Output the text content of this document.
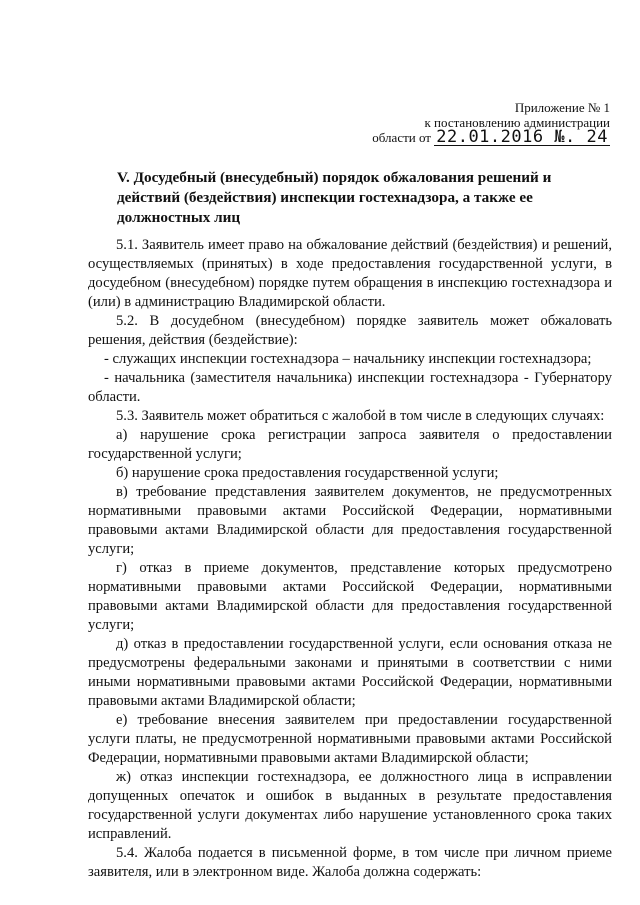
Приложение № 1
к постановлению администрации
области от 22.01.2016 №. 24
V. Досудебный (внесудебный) порядок обжалования решений и действий (бездействия) инспекции гостехнадзора, а также ее должностных лиц

5.1. Заявитель имеет право на обжалование действий (бездействия) и решений, осуществляемых (принятых) в ходе предоставления государственной услуги, в досудебном (внесудебном) порядке путем обращения в инспекцию гостехнадзора и (или) в администрацию Владимирской области.

5.2. В досудебном (внесудебном) порядке заявитель может обжаловать решения, действия (бездействие):

- служащих инспекции гостехнадзора – начальнику инспекции гостехнадзора;

- начальника (заместителя начальника) инспекции гостехнадзора - Губернатору области.

5.3. Заявитель может обратиться с жалобой в том числе в следующих случаях:

а) нарушение срока регистрации запроса заявителя о предоставлении государственной услуги;

б) нарушение срока предоставления государственной услуги;

в) требование представления заявителем документов, не предусмотренных нормативными правовыми актами Российской Федерации, нормативными правовыми актами Владимирской области для предоставления государственной услуги;

г) отказ в приеме документов, представление которых предусмотрено нормативными правовыми актами Российской Федерации, нормативными правовыми актами Владимирской области для предоставления государственной услуги;

д) отказ в предоставлении государственной услуги, если основания отказа не предусмотрены федеральными законами и принятыми в соответствии с ними иными нормативными правовыми актами Российской Федерации, нормативными правовыми актами Владимирской области;

е) требование внесения заявителем при предоставлении государственной услуги платы, не предусмотренной нормативными правовыми актами Российской Федерации, нормативными правовыми актами Владимирской области;

ж) отказ инспекции гостехнадзора, ее должностного лица в исправлении допущенных опечаток и ошибок в выданных в результате предоставления государственной услуги документах либо нарушение установленного срока таких исправлений.

5.4. Жалоба подается в письменной форме, в том числе при личном приеме заявителя, или в электронном виде. Жалоба должна содержать:
